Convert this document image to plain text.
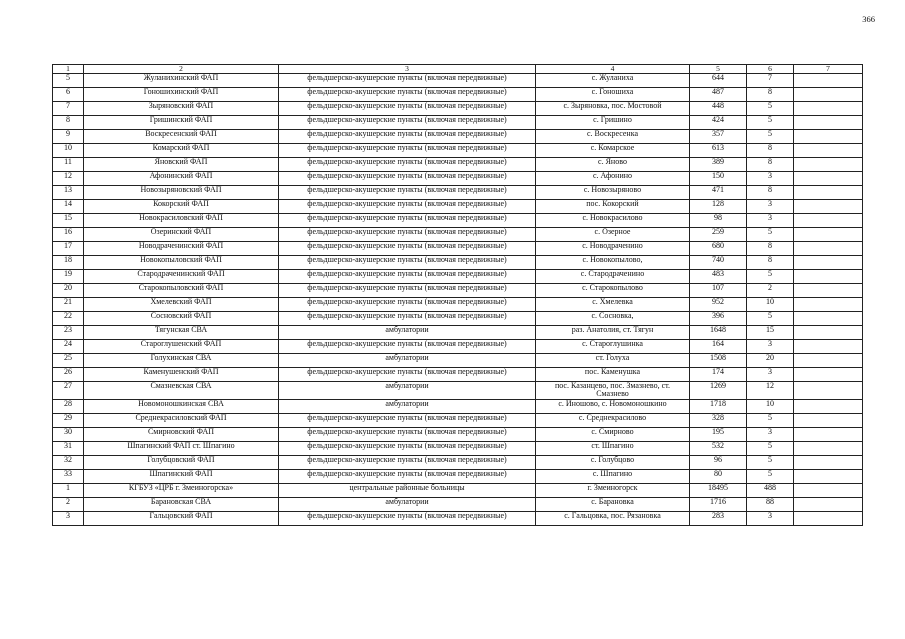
366
1	2	3	4	5	6	7
5	Жуланихинский ФАП	фельдшерско-акушерские пункты (включая передвижные)	с. Жуланиха	644	7	
6	Гоношихинский ФАП	фельдшерско-акушерские пункты (включая передвижные)	с. Гоношиха	487	8	
7	Зыряновский ФАП	фельдшерско-акушерские пункты (включая передвижные)	с. Зыряновка, пос. Мостовой	448	5	
8	Гришинский ФАП	фельдшерско-акушерские пункты (включая передвижные)	с. Гришино	424	5	
9	Воскресенский ФАП	фельдшерско-акушерские пункты (включая передвижные)	с. Воскресенка	357	5	
10	Комарский ФАП	фельдшерско-акушерские пункты (включая передвижные)	с. Комарское	613	8	
11	Яновский ФАП	фельдшерско-акушерские пункты (включая передвижные)	с. Яново	389	8	
12	Афонинский ФАП	фельдшерско-акушерские пункты (включая передвижные)	с. Афонино	150	3	
13	Новозыряновский ФАП	фельдшерско-акушерские пункты (включая передвижные)	с. Новозыряново	471	8	
14	Кокорский ФАП	фельдшерско-акушерские пункты (включая передвижные)	пос. Кокорский	128	3	
15	Новокрасиловский ФАП	фельдшерско-акушерские пункты (включая передвижные)	с. Новокрасилово	98	3	
16	Озеринский ФАП	фельдшерско-акушерские пункты (включая передвижные)	с. Озерное	259	5	
17	Новодраченинский ФАП	фельдшерско-акушерские пункты (включая передвижные)	с. Новодраченино	680	8	
18	Новокопыловский ФАП	фельдшерско-акушерские пункты (включая передвижные)	с. Новокопылово,	740	8	
19	Стародраченинский ФАП	фельдшерско-акушерские пункты (включая передвижные)	с. Стародраченино	483	5	
20	Старокопыловский ФАП	фельдшерско-акушерские пункты (включая передвижные)	с. Старокопылово	107	2	
21	Хмелевский ФАП	фельдшерско-акушерские пункты (включая передвижные)	с. Хмелевка	952	10	
22	Сосновский ФАП	фельдшерско-акушерские пункты (включая передвижные)	с. Сосновка,	396	5	
23	Тягунская СВА	амбулатории	раз. Анатолия, ст. Тягун	1648	15	
24	Староглушенский ФАП	фельдшерско-акушерские пункты (включая передвижные)	с. Староглушинка	164	3	
25	Голухинская СВА	амбулатории	ст. Голуха	1508	20	
26	Каменушенский ФАП	фельдшерско-акушерские пункты (включая передвижные)	пос. Каменушка	174	3	
27	Смазневская СВА	амбулатории	пос. Казанцево, пос. Змазнево, ст. Смазнево	1269	12	
28	Новомоношкинская СВА	амбулатории	с. Иношово, с. Новомоношкино	1718	10	
29	Среднекрасиловский ФАП	фельдшерско-акушерские пункты (включая передвижные)	с. Среднекрасилово	328	5	
30	Смирновский ФАП	фельдшерско-акушерские пункты (включая передвижные)	с. Смирново	195	3	
31	Шпагинский ФАП ст. Шпагино	фельдшерско-акушерские пункты (включая передвижные)	ст. Шпагино	532	5	
32	Голубцовский ФАП	фельдшерско-акушерские пункты (включая передвижные)	с. Голубцово	96	5	
33	Шпагинский ФАП	фельдшерско-акушерские пункты (включая передвижные)	с. Шпагино	80	5	
1	КГБУЗ «ЦРБ г. Змеиногорска»	центральные районные больницы	г. Змеиногорск	18495	488	
2	Барановская СВА	амбулатории	с. Барановка	1716	88	
3	Гальцовский ФАП	фельдшерско-акушерские пункты (включая передвижные)	с. Гальцовка, пос. Рязановка	283	3	
